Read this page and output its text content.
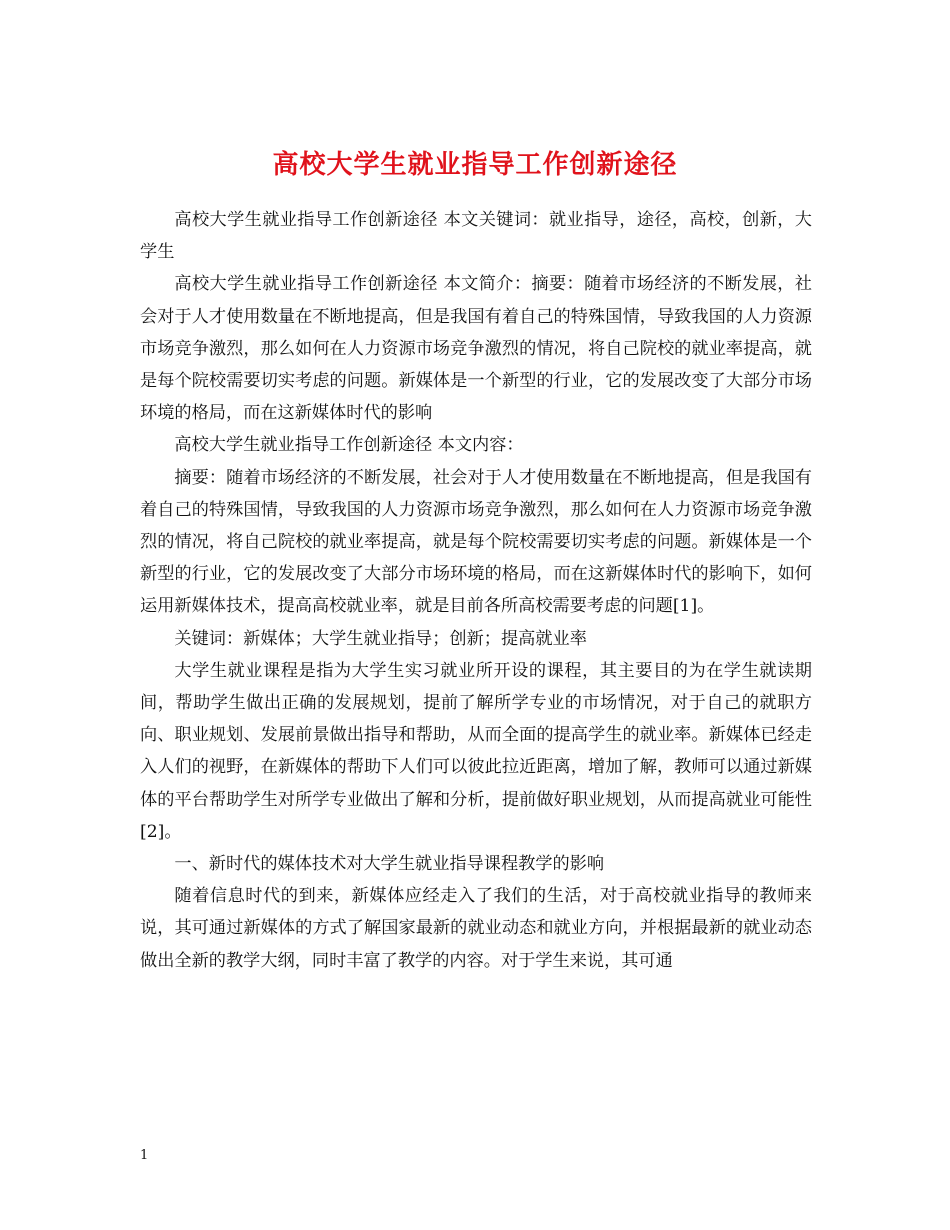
高校大学生就业指导工作创新途径

高校大学生就业指导工作创新途径 本文关键词：就业指导，途径，高校，创新，大学生

高校大学生就业指导工作创新途径 本文简介：摘要：随着市场经济的不断发展，社会对于人才使用数量在不断地提高，但是我国有着自己的特殊国情，导致我国的人力资源市场竞争激烈，那么如何在人力资源市场竞争激烈的情况，将自己院校的就业率提高，就是每个院校需要切实考虑的问题。新媒体是一个新型的行业，它的发展改变了大部分市场环境的格局，而在这新媒体时代的影响

高校大学生就业指导工作创新途径 本文内容：

摘要：随着市场经济的不断发展，社会对于人才使用数量在不断地提高，但是我国有着自己的特殊国情，导致我国的人力资源市场竞争激烈，那么如何在人力资源市场竞争激烈的情况，将自己院校的就业率提高，就是每个院校需要切实考虑的问题。新媒体是一个新型的行业，它的发展改变了大部分市场环境的格局，而在这新媒体时代的影响下，如何运用新媒体技术，提高高校就业率，就是目前各所高校需要考虑的问题[1]。

关键词：新媒体；大学生就业指导；创新；提高就业率

大学生就业课程是指为大学生实习就业所开设的课程，其主要目的为在学生就读期间，帮助学生做出正确的发展规划，提前了解所学专业的市场情况，对于自己的就职方向、职业规划、发展前景做出指导和帮助，从而全面的提高学生的就业率。新媒体已经走入人们的视野，在新媒体的帮助下人们可以彼此拉近距离，增加了解，教师可以通过新媒体的平台帮助学生对所学专业做出了解和分析，提前做好职业规划，从而提高就业可能性[2]。

一、新时代的媒体技术对大学生就业指导课程教学的影响

随着信息时代的到来，新媒体应经走入了我们的生活，对于高校就业指导的教师来说，其可通过新媒体的方式了解国家最新的就业动态和就业方向，并根据最新的就业动态做出全新的教学大纲，同时丰富了教学的内容。对于学生来说，其可通

1
